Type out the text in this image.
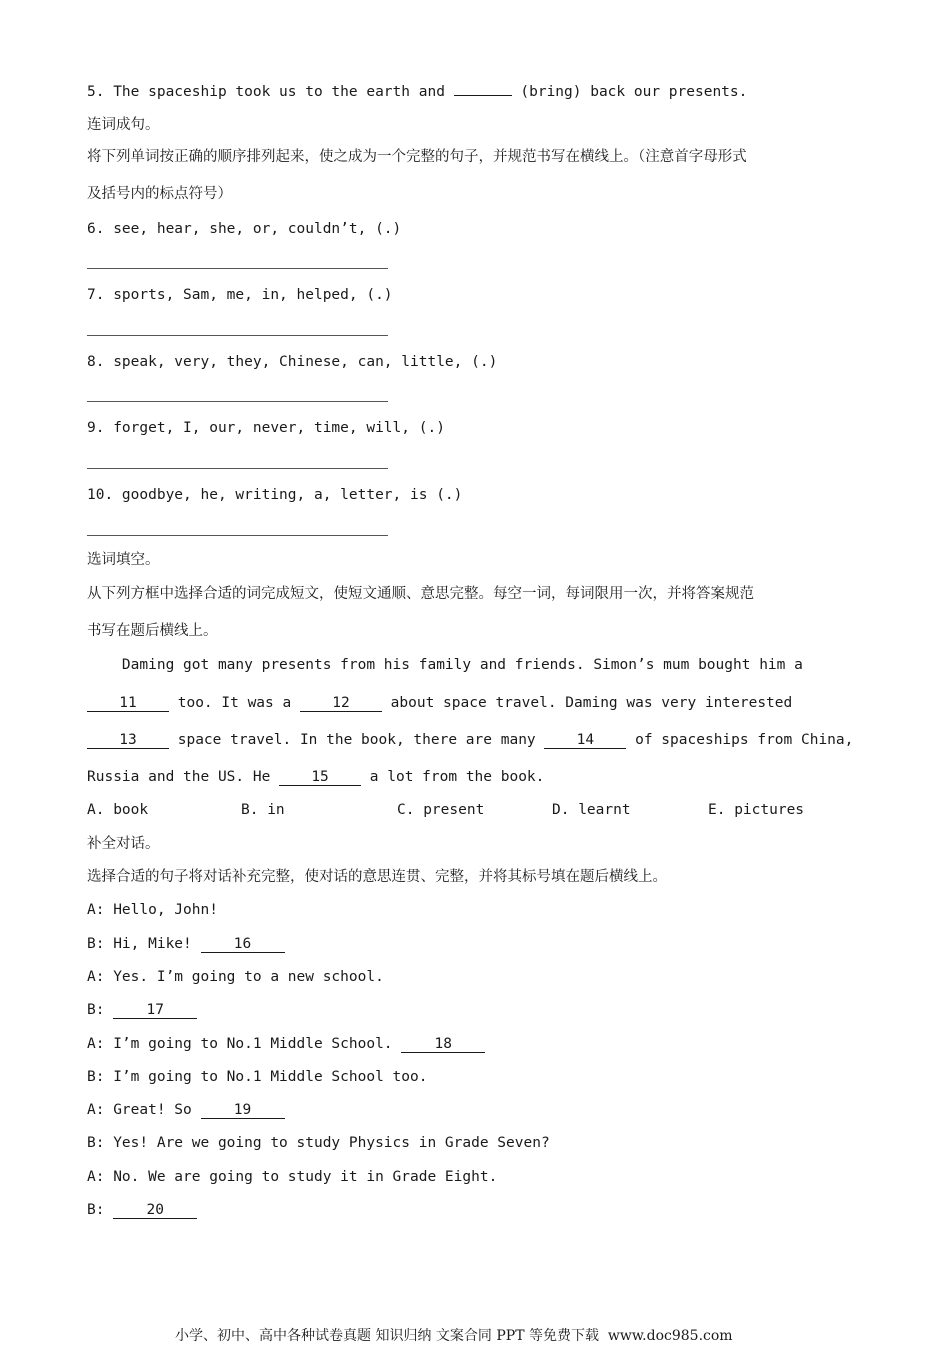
5. The spaceship took us to the earth and	(bring) back our presents.
连词成句。
将下列单词按正确的顺序排列起来，使之成为一个完整的句子，并规范书写在横线上。（注意首字母形式
及括号内的标点符号）
6. see, hear, she, or, couldn’t, (.)
7. sports, Sam, me, in, helped, (.)
8. speak, very, they, Chinese, can, little, (.)
9. forget, I, our, never, time, will, (.)
10. goodbye, he, writing, a, letter, is (.)
选词填空。
从下列方框中选择合适的词完成短文，使短文通顺、意思完整。每空一词，每词限用一次，并将答案规范
书写在题后横线上。
Daming got many presents from his family and friends. Simon’s mum bought him a
11 too. It was a 12 about space travel. Daming was very interested
13 space travel. In the book, there are many 14 of spaceships from China,
Russia and the US. He 15 a lot from the book.
A. book	B. in	C. present	D. learnt	E. pictures
补全对话。
选择合适的句子将对话补充完整，使对话的意思连贯、完整，并将其标号填在题后横线上。
A: Hello, John!
B: Hi, Mike! 16
A: Yes. I’m going to a new school.
B: 17
A: I’m going to No.1 Middle School. 18
B: I’m going to No.1 Middle School too.
A: Great! So 19
B: Yes! Are we going to study Physics in Grade Seven?
A: No. We are going to study it in Grade Eight.
B: 20
小学、初中、高中各种试卷真题 知识归纳 文案合同 PPT 等免费下载  www.doc985.com
